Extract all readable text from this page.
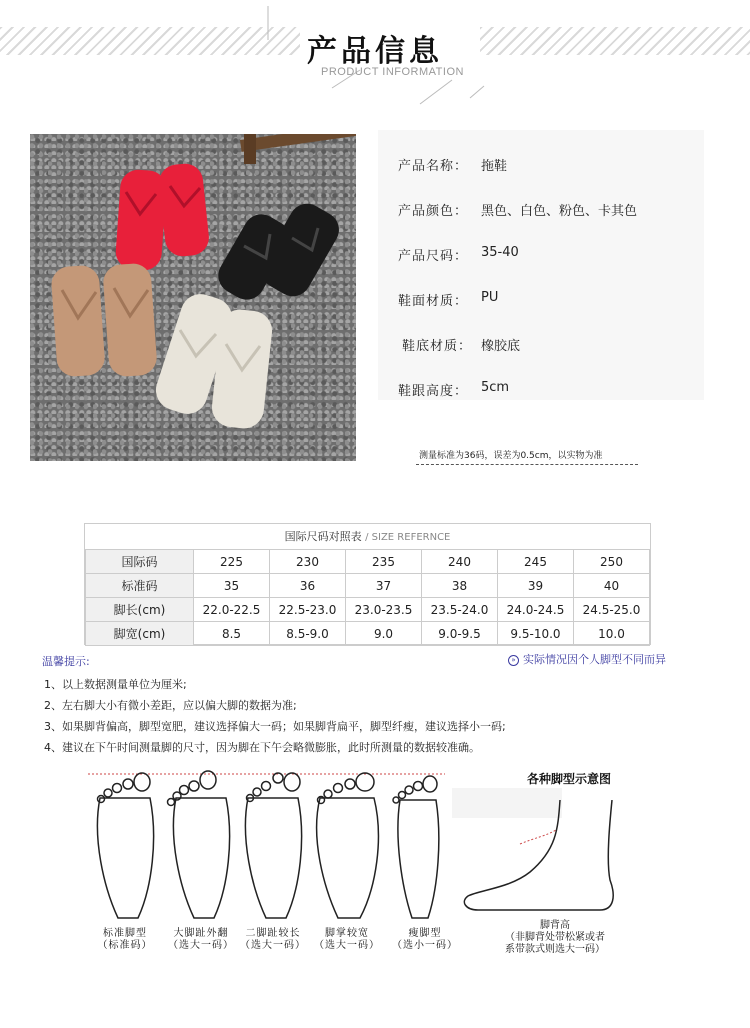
产品信息
PRODUCT INFORMATION
产品名称： 拖鞋
产品颜色： 黑色、白色、粉色、卡其色
产品尺码： 35-40
鞋面材质： PU
鞋底材质： 橡胶底
鞋跟高度： 5cm
测量标准为36码，误差为0.5cm，以实物为准
国际尺码对照表 / SIZE REFERNCE
国际码	225	230	235	240	245	250
标准码	35	36	37	38	39	40
脚长(cm)	22.0-22.5	22.5-23.0	23.0-23.5	23.5-24.0	24.0-24.5	24.5-25.0
脚宽(cm)	8.5	8.5-9.0	9.0	9.0-9.5	9.5-10.0	10.0
温馨提示:	» 实际情况因个人脚型不同而异
1、以上数据测量单位为厘米;
2、左右脚大小有微小差距，应以偏大脚的数据为准;
3、如果脚背偏高，脚型宽肥，建议选择偏大一码；如果脚背扁平，脚型纤瘦，建议选择小一码;
4、建议在下午时间测量脚的尺寸，因为脚在下午会略微膨胀，此时所测量的数据较准确。
标准脚型
（标准码）
大脚趾外翻
（选大一码）
二脚趾较长
（选大一码）
脚掌较宽
（选大一码）
瘦脚型
（选小一码）
各种脚型示意图
脚背高
（非脚背处带松紧或者
系带款式则选大一码）
